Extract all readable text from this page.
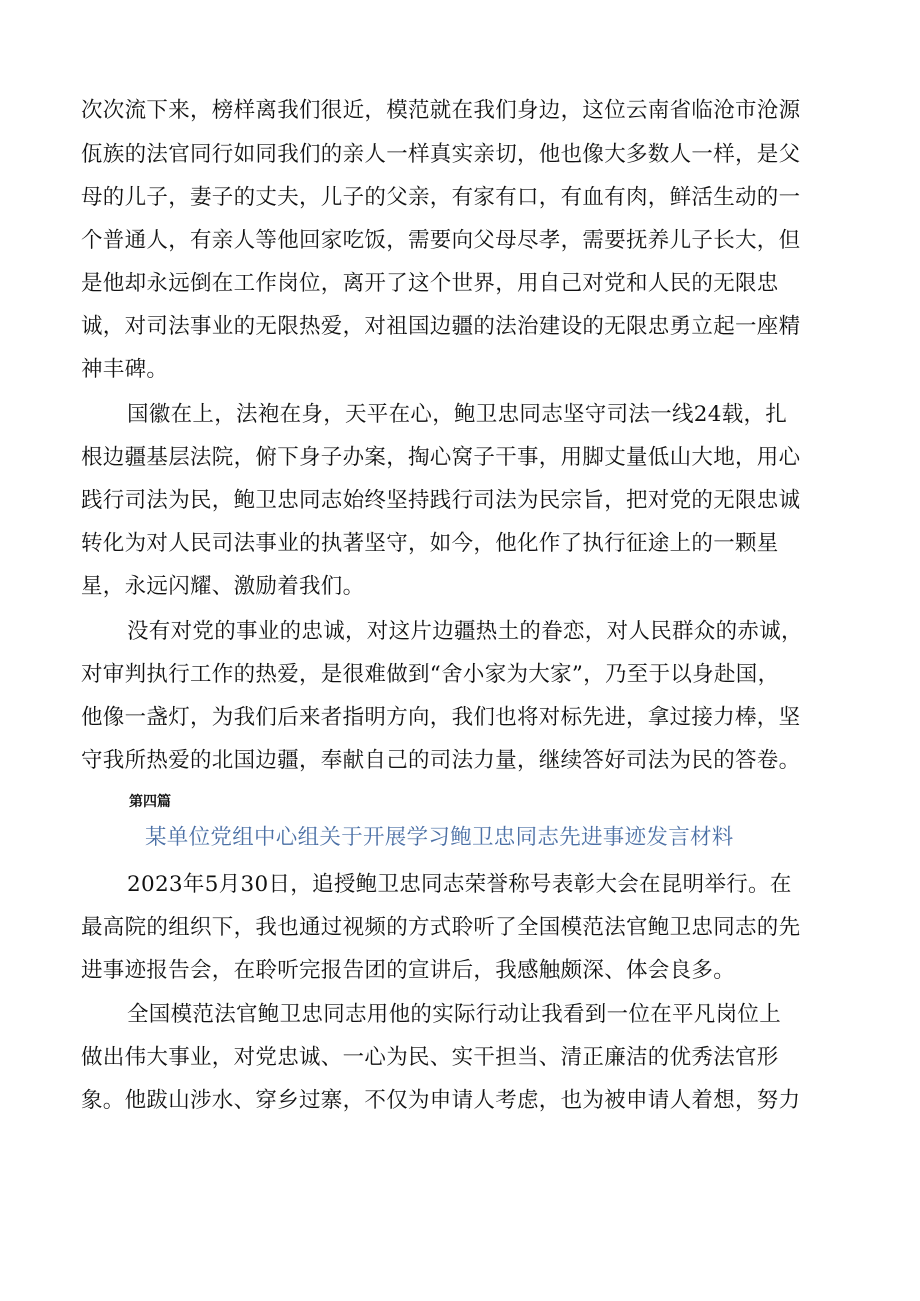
次次流下来，榜样离我们很近，模范就在我们身边，这位云南省临沧市沧源
佤族的法官同行如同我们的亲人一样真实亲切，他也像大多数人一样，是父
母的儿子，妻子的丈夫，儿子的父亲，有家有口，有血有肉，鲜活生动的一
个普通人，有亲人等他回家吃饭，需要向父母尽孝，需要抚养儿子长大，但
是他却永远倒在工作岗位，离开了这个世界，用自己对党和人民的无限忠
诚，对司法事业的无限热爱，对祖国边疆的法治建设的无限忠勇立起一座精
神丰碑。
国徽在上，法袍在身，天平在心，鲍卫忠同志坚守司法一线24载，扎
根边疆基层法院，俯下身子办案，掏心窝子干事，用脚丈量低山大地，用心
践行司法为民，鲍卫忠同志始终坚持践行司法为民宗旨，把对党的无限忠诚
转化为对人民司法事业的执著坚守，如今，他化作了执行征途上的一颗星
星，永远闪耀、激励着我们。
没有对党的事业的忠诚，对这片边疆热土的眷恋，对人民群众的赤诚，
对审判执行工作的热爱，是很难做到“舍小家为大家”，乃至于以身赴国，
他像一盏灯，为我们后来者指明方向，我们也将对标先进，拿过接力棒，坚
守我所热爱的北国边疆，奉献自己的司法力量，继续答好司法为民的答卷。
第四篇
某单位党组中心组关于开展学习鲍卫忠同志先进事迹发言材料
2023年5月30日，追授鲍卫忠同志荣誉称号表彰大会在昆明举行。在
最高院的组织下，我也通过视频的方式聆听了全国模范法官鲍卫忠同志的先
进事迹报告会，在聆听完报告团的宣讲后，我感触颇深、体会良多。
全国模范法官鲍卫忠同志用他的实际行动让我看到一位在平凡岗位上
做出伟大事业，对党忠诚、一心为民、实干担当、清正廉洁的优秀法官形
象。他跋山涉水、穿乡过寨，不仅为申请人考虑，也为被申请人着想，努力
